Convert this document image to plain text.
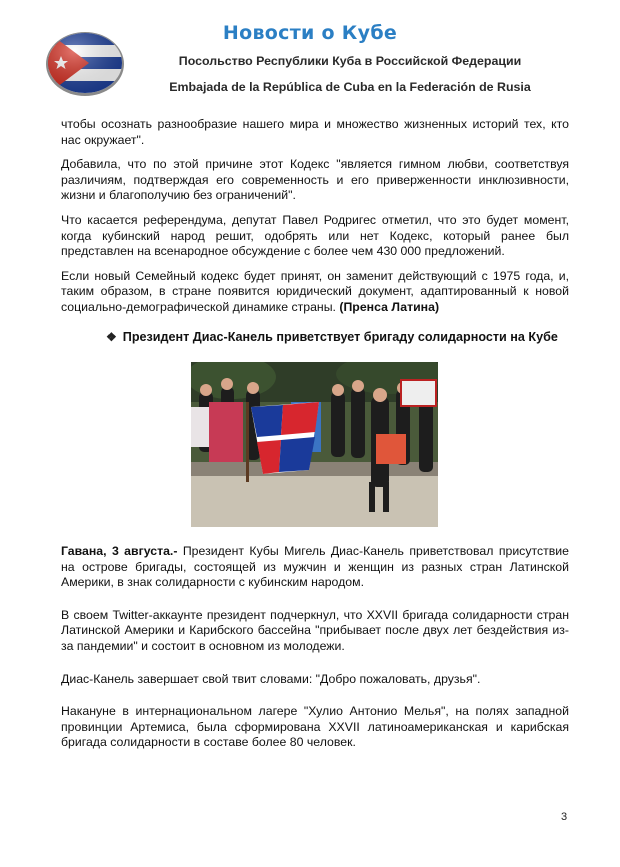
Новости о Кубе
Посольство Республики Куба в Российской Федерации
Embajada de la República de Cuba en la Federación de Rusia

чтобы осознать разнообразие нашего мира и множество жизненных историй тех, кто нас окружает".

Добавила, что по этой причине этот Кодекс "является гимном любви, соответствуя различиям, подтверждая его современность и его приверженности инклюзивности, жизни и благополучию без ограничений".

Что касается референдума, депутат Павел Родригес отметил, что это будет момент, когда кубинский народ решит, одобрять или нет Кодекс, который ранее был представлен на всенародное обсуждение с более чем 430 000 предложений.

Если новый Семейный кодекс будет принят, он заменит действующий с 1975 года, и, таким образом, в стране появится юридический документ, адаптированный к новой социально-демографической динамике страны. (Пренса Латина)

❖ Президент Диас-Канель приветствует бригаду солидарности на Кубе

Гавана, 3 августа.- Президент Кубы Мигель Диас-Канель приветствовал присутствие на острове бригады, состоящей из мужчин и женщин из разных стран Латинской Америки, в знак солидарности с кубинским народом.

В своем Twitter-аккаунте президент подчеркнул, что XXVII бригада солидарности стран Латинской Америки и Карибского бассейна "прибывает после двух лет бездействия из-за пандемии" и состоит в основном из молодежи.

Диас-Канель завершает свой твит словами: "Добро пожаловать, друзья".

Накануне в интернациональном лагере "Хулио Антонио Мелья", на полях западной провинции Артемиса, была сформирована XXVII латиноамериканская и карибская бригада солидарности в составе более 80 человек.

3
